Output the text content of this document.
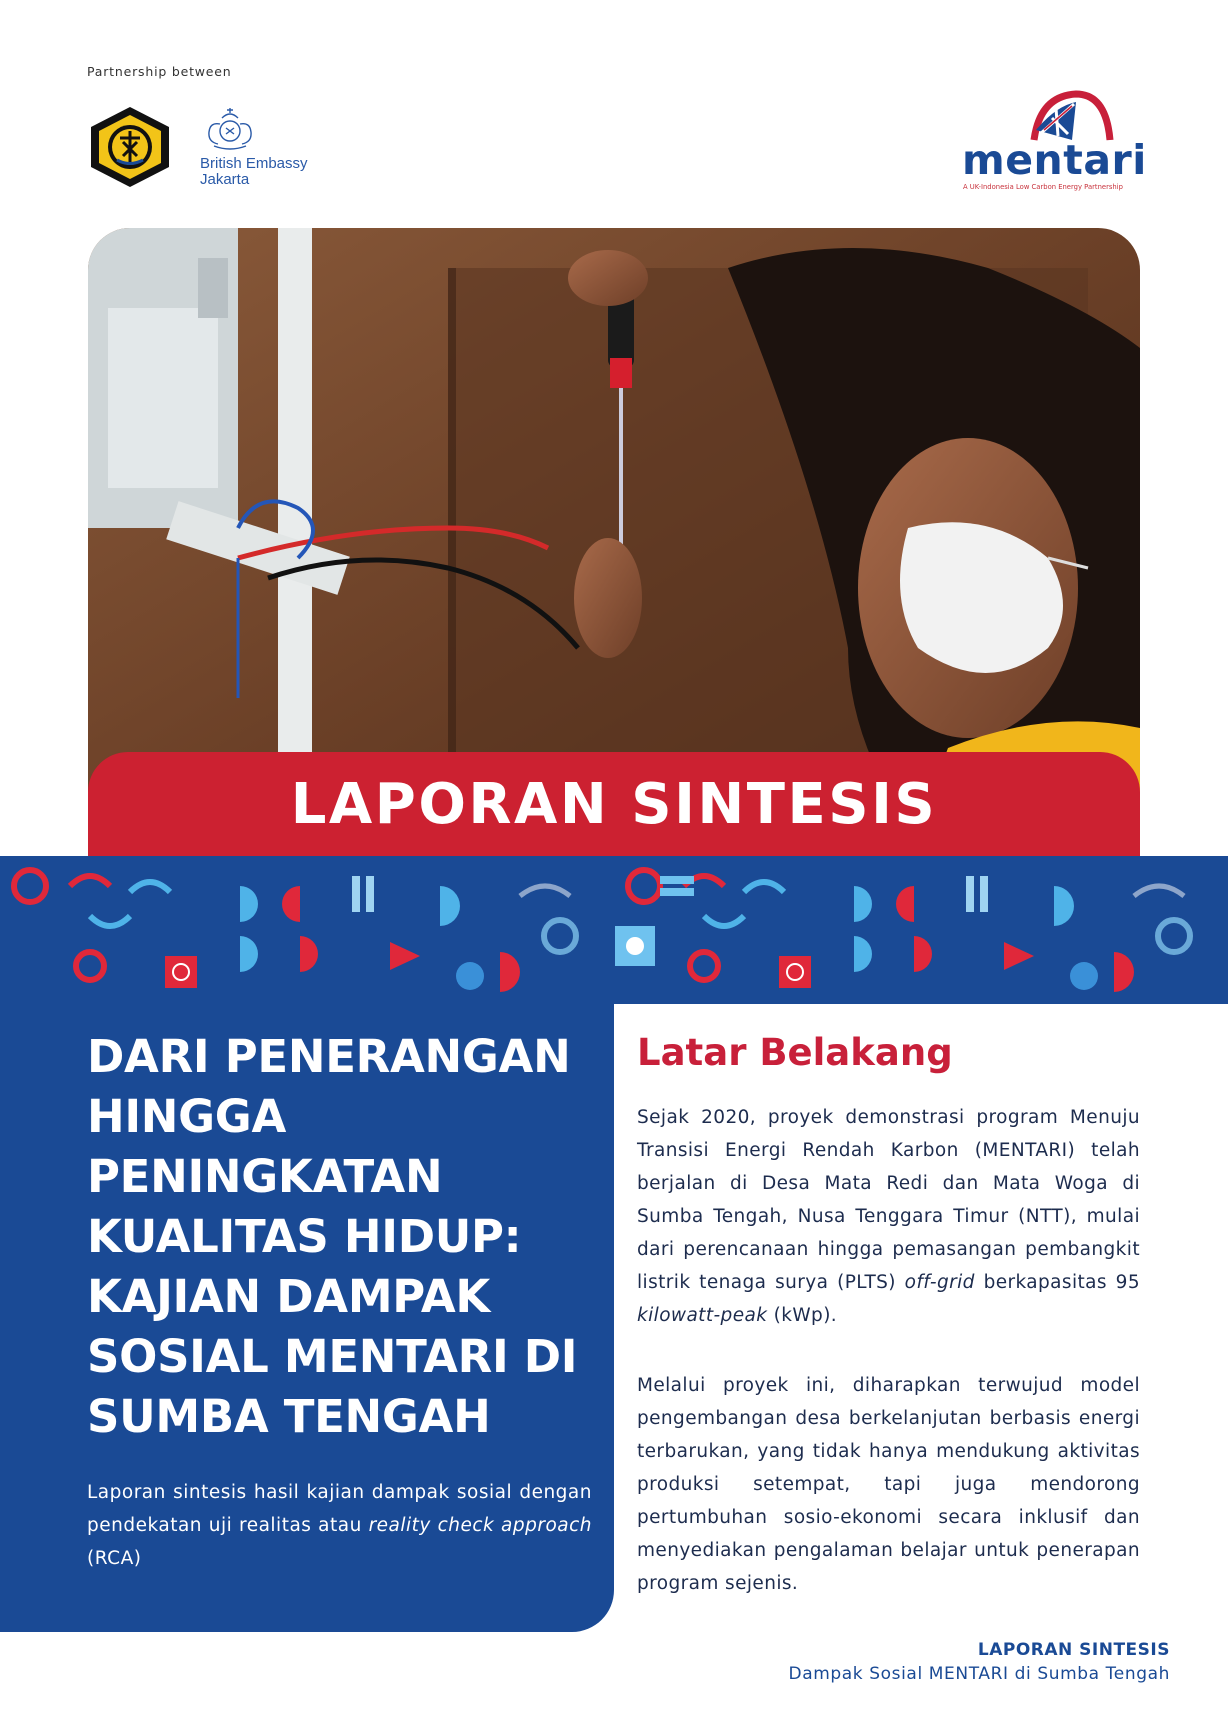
Partnership between
British Embassy
Jakarta	mentari
A UK-Indonesia Low Carbon Energy Partnership
LAPORAN SINTESIS
DARI PENERANGAN HINGGA PENINGKATAN KUALITAS HIDUP: KAJIAN DAMPAK SOSIAL MENTARI DI SUMBA TENGAH

Laporan sintesis hasil kajian dampak sosial dengan pendekatan uji realitas atau reality check approach (RCA)

Latar Belakang

Sejak 2020, proyek demonstrasi program Menuju Transisi Energi Rendah Karbon (MENTARI) telah berjalan di Desa Mata Redi dan Mata Woga di Sumba Tengah, Nusa Tenggara Timur (NTT), mulai dari perencanaan hingga pemasangan pembangkit listrik tenaga surya (PLTS) off-grid berkapasitas 95 kilowatt-peak (kWp).

Melalui proyek ini, diharapkan terwujud model pengembangan desa berkelanjutan berbasis energi terbarukan, yang tidak hanya mendukung aktivitas produksi setempat, tapi juga mendorong pertumbuhan sosio-ekonomi secara inklusif dan menyediakan pengalaman belajar untuk penerapan program sejenis.

LAPORAN SINTESIS
Dampak Sosial MENTARI di Sumba Tengah
